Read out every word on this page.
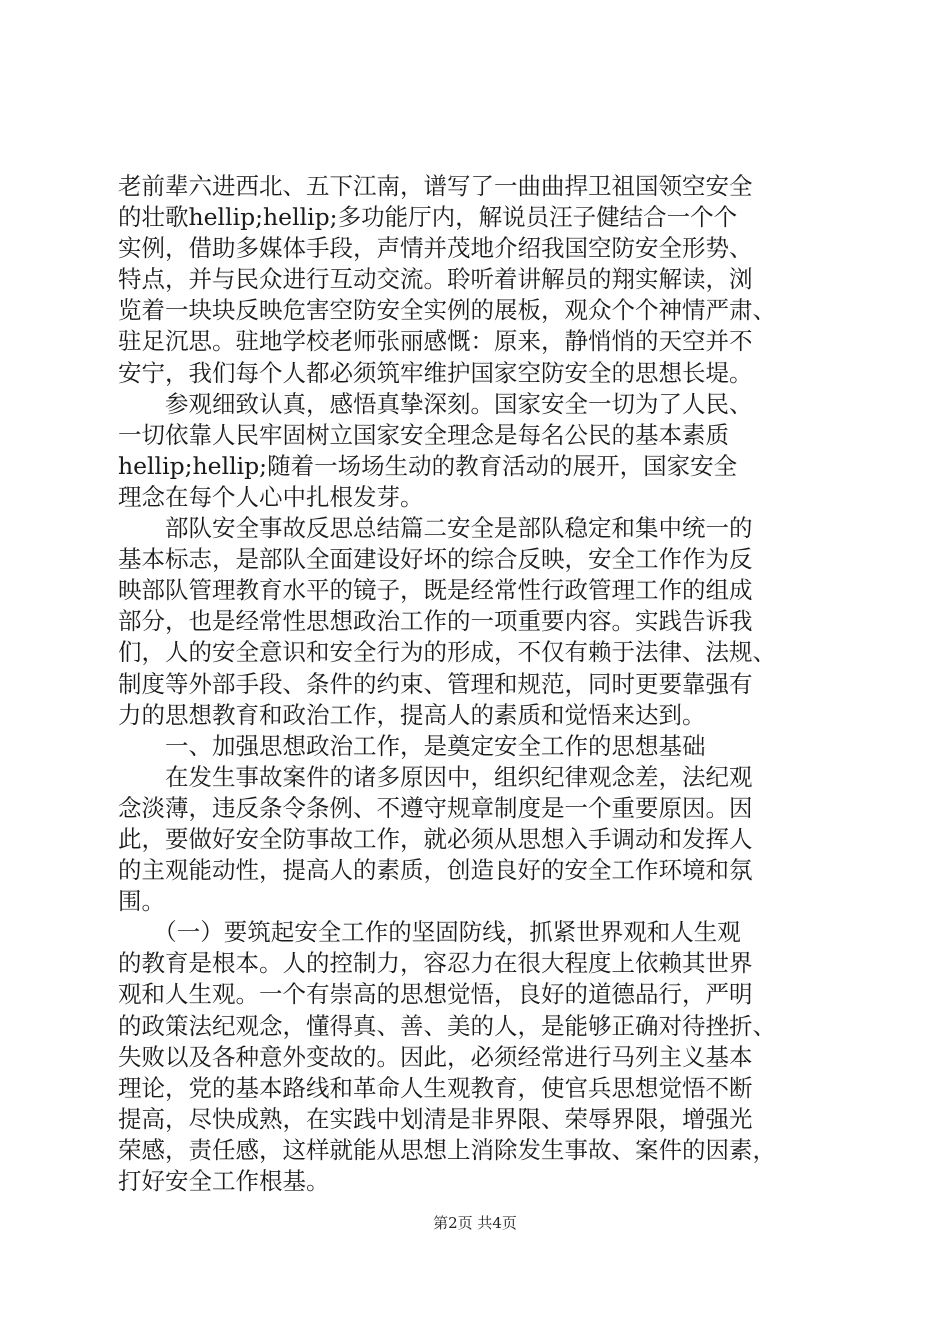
老前辈六进西北、五下江南，谱写了一曲曲捍卫祖国领空安全
的壮歌hellip;hellip;多功能厅内，解说员汪子健结合一个个
实例，借助多媒体手段，声情并茂地介绍我国空防安全形势、
特点，并与民众进行互动交流。聆听着讲解员的翔实解读，浏
览着一块块反映危害空防安全实例的展板，观众个个神情严肃、
驻足沉思。驻地学校老师张丽感慨：原来，静悄悄的天空并不
安宁，我们每个人都必须筑牢维护国家空防安全的思想长堤。
　　参观细致认真，感悟真挚深刻。国家安全一切为了人民、
一切依靠人民牢固树立国家安全理念是每名公民的基本素质
hellip;hellip;随着一场场生动的教育活动的展开，国家安全
理念在每个人心中扎根发芽。
　　部队安全事故反思总结篇二安全是部队稳定和集中统一的
基本标志，是部队全面建设好坏的综合反映，安全工作作为反
映部队管理教育水平的镜子，既是经常性行政管理工作的组成
部分，也是经常性思想政治工作的一项重要内容。实践告诉我
们，人的安全意识和安全行为的形成，不仅有赖于法律、法规、
制度等外部手段、条件的约束、管理和规范，同时更要靠强有
力的思想教育和政治工作，提高人的素质和觉悟来达到。
　　一、加强思想政治工作，是奠定安全工作的思想基础
　　在发生事故案件的诸多原因中，组织纪律观念差，法纪观
念淡薄，违反条令条例、不遵守规章制度是一个重要原因。因
此，要做好安全防事故工作，就必须从思想入手调动和发挥人
的主观能动性，提高人的素质，创造良好的安全工作环境和氛
围。
　　（一）要筑起安全工作的坚固防线，抓紧世界观和人生观
的教育是根本。人的控制力，容忍力在很大程度上依赖其世界
观和人生观。一个有崇高的思想觉悟，良好的道德品行，严明
的政策法纪观念，懂得真、善、美的人，是能够正确对待挫折、
失败以及各种意外变故的。因此，必须经常进行马列主义基本
理论，党的基本路线和革命人生观教育，使官兵思想觉悟不断
提高，尽快成熟，在实践中划清是非界限、荣辱界限，增强光
荣感，责任感，这样就能从思想上消除发生事故、案件的因素，
打好安全工作根基。
第2页 共4页
